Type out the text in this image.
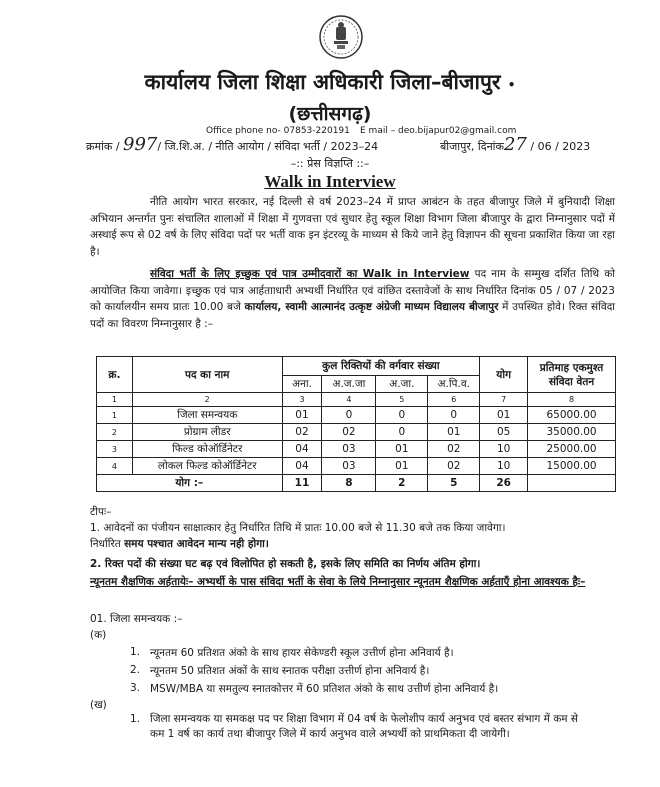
कार्यालय जिला शिक्षा अधिकारी जिला–बीजापुर •
(छत्तीसगढ़)
Office phone no- 07853-220191 E mail – deo.bijapur02@gmail.com
क्रमांक / 997/ जि.शि.अ. / नीति आयोग / संविदा भर्ती / 2023–24	बीजापुर, दिनांक27 / 06 / 2023
–:: प्रेस विज्ञप्ति ::–
Walk in Interview
नीति आयोग भारत सरकार, नई दिल्ली से वर्ष 2023–24 में प्राप्त आबंटन के तहत बीजापुर जिले में बुनियादी शिक्षा अभियान अन्तर्गत पुनः संचालित शालाओं में शिक्षा में गुणवत्ता एवं सुधार हेतु स्कूल शिक्षा विभाग जिला बीजापुर के द्वारा निम्नानुसार पदों में अस्थाई रूप से 02 वर्ष के लिए संविदा पदों पर भर्ती वाक इन इंटरव्यू के माध्यम से किये जाने हेतु विज्ञापन की सूचना प्रकाशित किया जा रहा है।
संविदा भर्ती के लिए इच्छुक एवं पात्र उम्मीदवारों का Walk in Interview पद नाम के सम्मुख दर्शित तिथि को आयोजित किया जावेगा। इच्छुक एवं पात्र आर्हतााधारी अभ्यर्थी निर्धारित एवं वांछित दस्तावेजों के साथ निर्धारित दिनांक 05 / 07 / 2023 को कार्यालयीन समय प्रातः 10.00 बजे कार्यालय, स्वामी आत्मानंद उत्कृष्ट अंग्रेजी माध्यम विद्यालय बीजापुर में उपस्थित होवे। रिक्त संविदा पदों का विवरण निम्नानुसार है :–
क्र.	पद का नाम	कुल रिक्तियों की वर्गवार संख्या				योग	प्रतिमाह एकमुश्त संविदा वेतन
		अना.	अ.ज.जा	अ.जा.	अ.पि.व.		
1	2	3	4	5	6	7	8
1	जिला समन्वयक	01	0	0	0	01	65000.00
2	प्रोग्राम लीडर	02	02	0	01	05	35000.00
3	फिल्ड कोऑर्डिनेटर	04	03	01	02	10	25000.00
4	लोकल फिल्ड कोऑर्डिनेटर	04	03	01	02	10	15000.00
योग :–		11	8	2	5	26	
टीपः–
1. आवेदनों का पंजीयन साक्षात्कार हेतु निर्धारित तिथि में प्रातः 10.00 बजे से 11.30 बजे तक किया जावेगा।
निर्धारित समय पश्चात आवेदन मान्य नही होगा।
2. रिक्त पदों की संख्या घट बढ़ एवं विलोपित हो सकती है, इसके लिए समिति का निर्णय अंतिम होगा।
न्यूनतम शैक्षणिक अर्हतायेः– अभ्यर्थी के पास संविदा भर्ती के सेवा के लिये निम्नानुसार न्यूनतम शैक्षणिक अर्हताएँ होना आवश्यक हैः–
01. जिला समन्वयक :–
(क)
1. न्यूनतम 60 प्रतिशत अंको के साथ हायर सेकेण्डरी स्कूल उत्तीर्ण होना अनिवार्य है।
2. न्यूनतम 50 प्रतिशत अंकों के साथ स्नातक परीक्षा उत्तीर्ण होना अनिवार्य है।
3. MSW/MBA या समतुल्य स्नातकोत्तर में 60 प्रतिशत अंको के साथ उत्तीर्ण होना अनिवार्य है।
(ख)
1. जिला समन्वयक या समकक्ष पद पर शिक्षा विभाग में 04 वर्ष के फेलोशीप कार्य अनुभव एवं बस्तर संभाग में कम से कम 1 वर्ष का कार्य तथा बीजापुर जिले में कार्य अनुभव वाले अभ्यर्थी को प्राथमिकता दी जायेगी।
